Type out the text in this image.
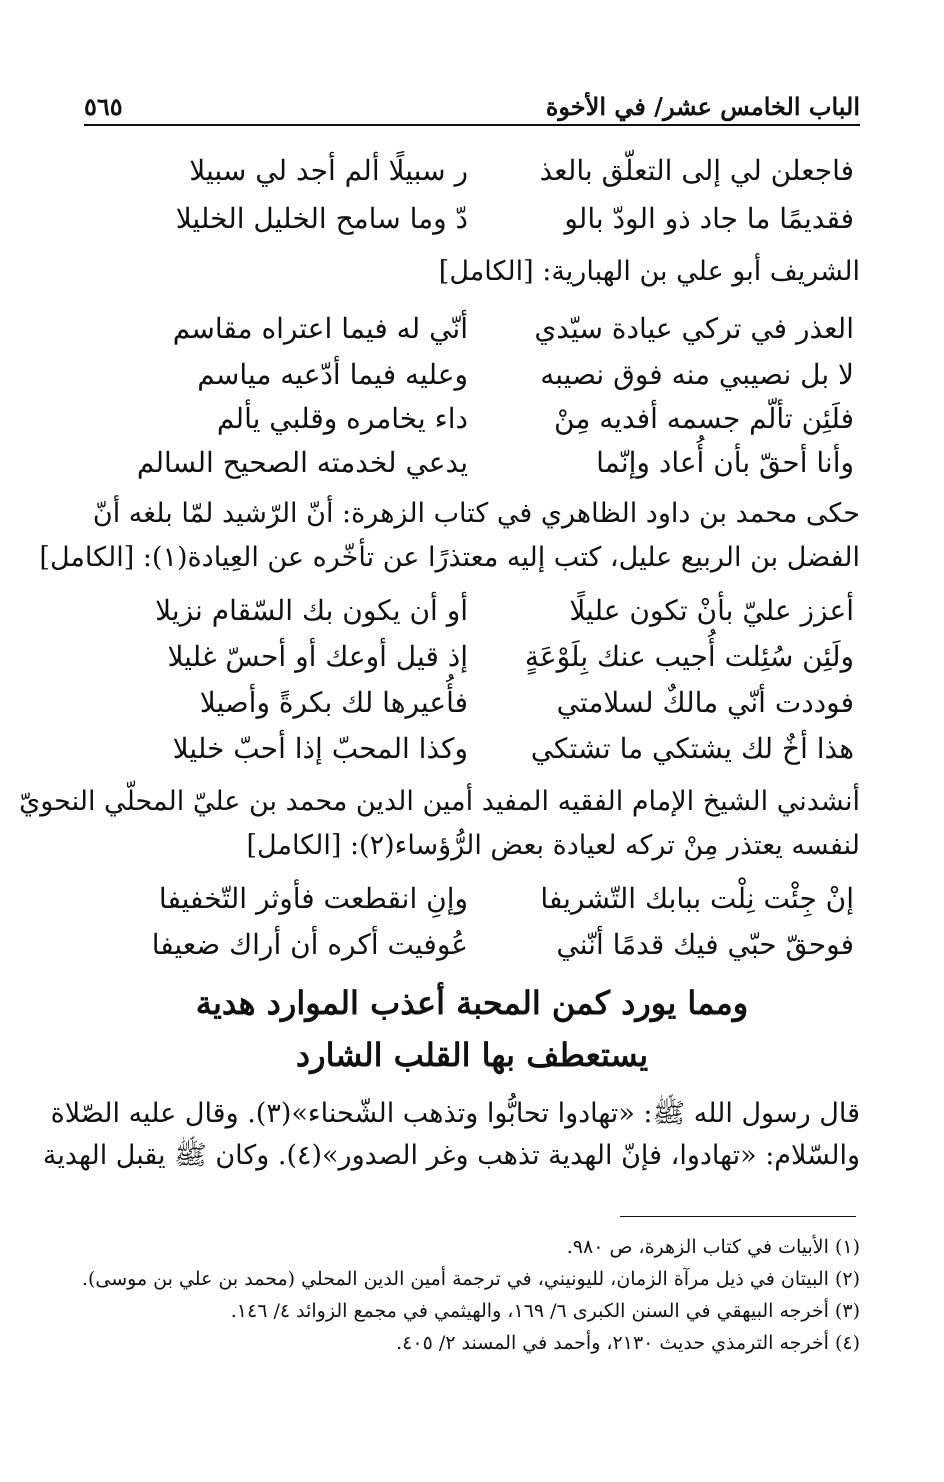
الباب الخامس عشر/ في الأخوة
٥٦٥
فاجعلن لي إلى التعلّق بالعذ
ر سبيلًا ألم أجد لي سبيلا
فقديمًا ما جاد ذو الودّ بالو
دّ وما سامح الخليل الخليلا
الشريف أبو علي بن الهبارية: [الكامل]
العذر في تركي عيادة سيّدي
أنّي له فيما اعتراه مقاسم
لا بل نصيبي منه فوق نصيبه
وعليه فيما أدّعيه مياسم
فلَئِن تألّم جسمه أفديه مِنْ
داء يخامره وقلبي يألم
وأنا أحقّ بأن أُعاد وإنّما
يدعي لخدمته الصحيح السالم
حكى محمد بن داود الظاهري في كتاب الزهرة: أنّ الرّشيد لمّا بلغه أنّ
الفضل بن الربيع عليل، كتب إليه معتذرًا عن تأخّره عن العِيادة(١): [الكامل]
أعزز عليّ بأنْ تكون عليلًا
أو أن يكون بك السّقام نزيلا
ولَئِن سُئِلت أُجيب عنك بِلَوْعَةٍ
إذ قيل أوعك أو أحسّ غليلا
فوددت أنّي مالكٌ لسلامتي
فأُعيرها لك بكرةً وأصيلا
هذا أخٌ لك يشتكي ما تشتكي
وكذا المحبّ إذا أحبّ خليلا
أنشدني الشيخ الإمام الفقيه المفيد أمين الدين محمد بن عليّ المحلّي النحويّ
لنفسه يعتذر مِنْ تركه لعيادة بعض الرُّؤساء(٢): [الكامل]
إنْ جِئْت نِلْت ببابك التّشريفا
وإنِ انقطعت فأوثر التّخفيفا
فوحقّ حبّي فيك قدمًا أنّني
عُوفيت أكره أن أراك ضعيفا
ومما يورد كمن المحبة أعذب الموارد هدية
يستعطف بها القلب الشارد
قال رسول الله ﷺ: «تهادوا تحابُّوا وتذهب الشّحناء»(٣). وقال عليه الصّلاة
والسّلام: «تهادوا، فإنّ الهدية تذهب وغر الصدور»(٤). وكان ﷺ يقبل الهدية
(١) الأبيات في كتاب الزهرة، ص ٩٨٠.
(٢) البيتان في ذيل مرآة الزمان، لليونيني، في ترجمة أمين الدين المحلي (محمد بن علي بن موسى).
(٣) أخرجه البيهقي في السنن الكبرى ٦/ ١٦٩، والهيثمي في مجمع الزوائد ٤/ ١٤٦.
(٤) أخرجه الترمذي حديث ٢١٣٠، وأحمد في المسند ٢/ ٤٠٥.
